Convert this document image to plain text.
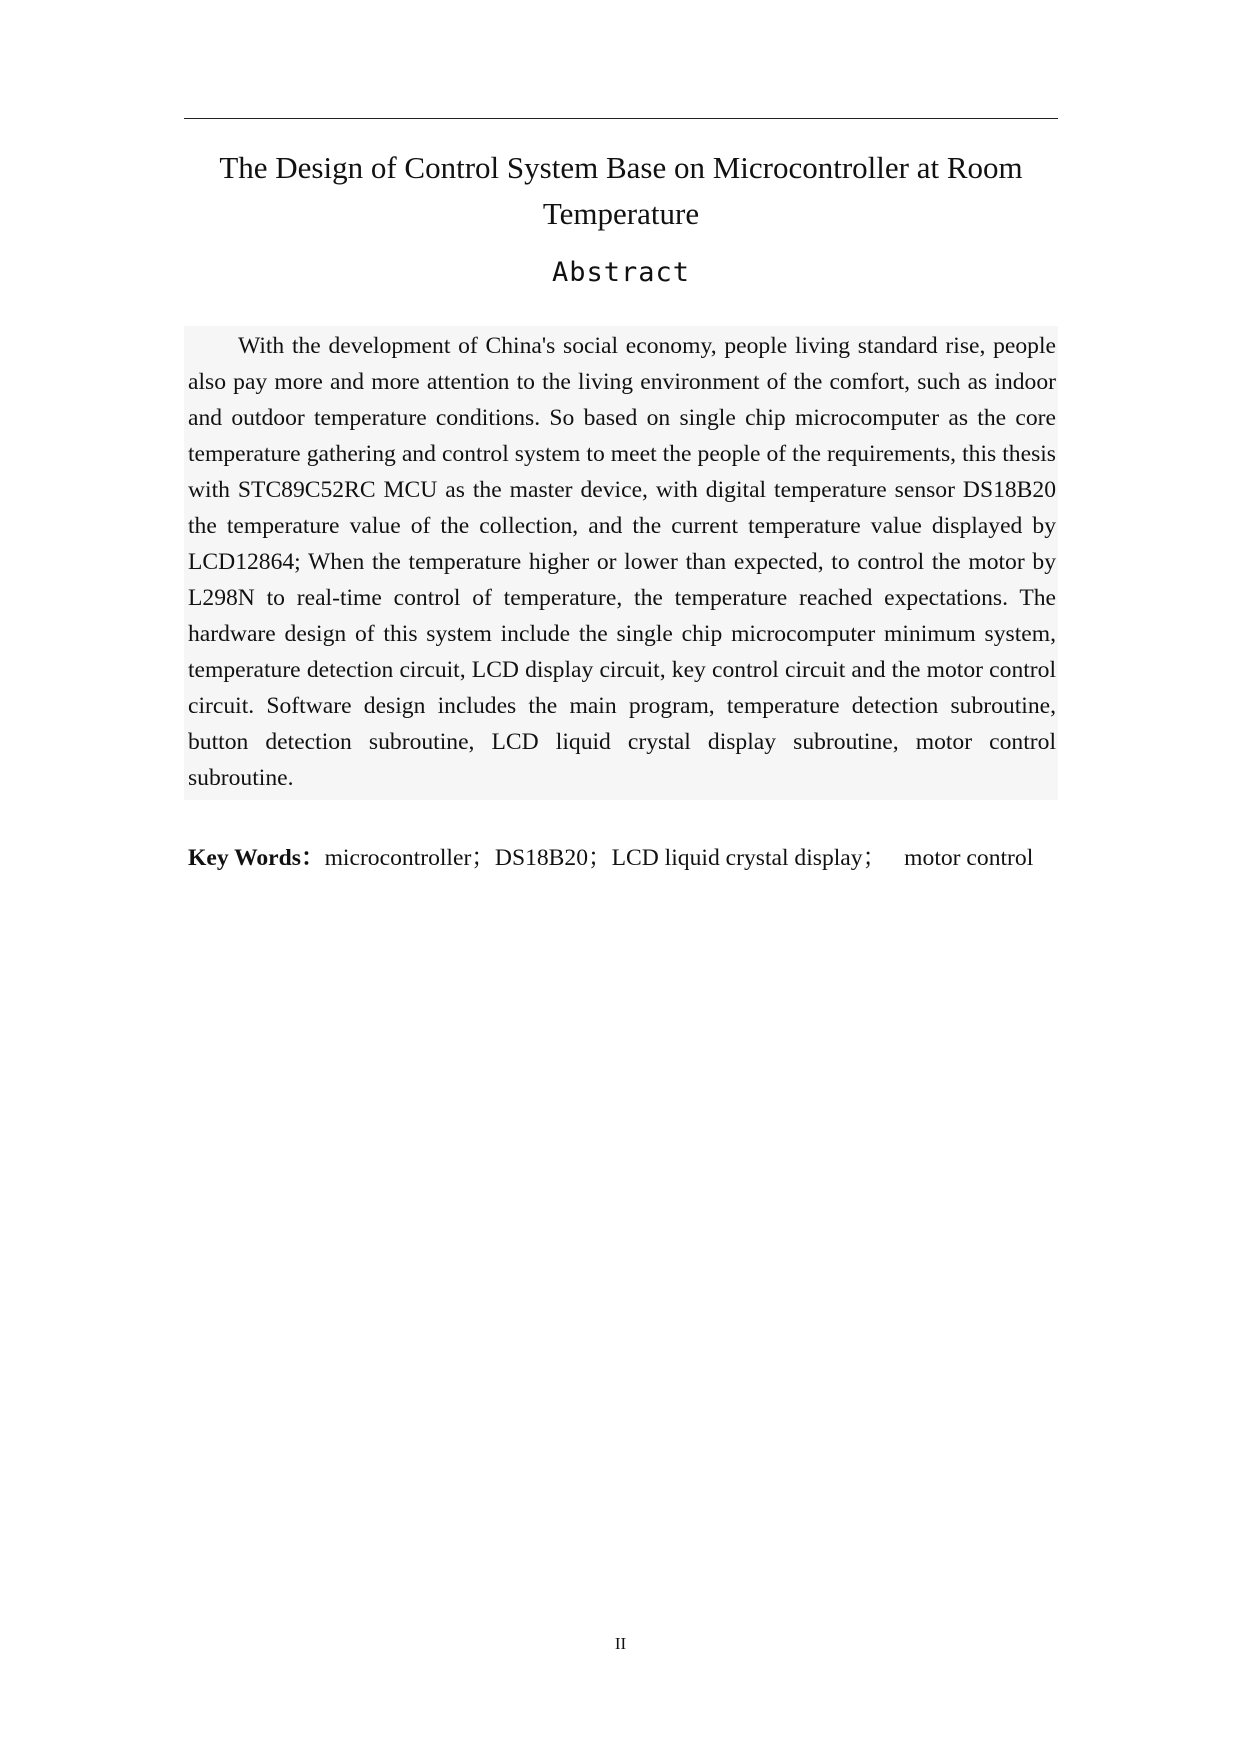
The Design of Control System Base on Microcontroller at Room Temperature
Abstract

With the development of China's social economy, people living standard rise, people also pay more and more attention to the living environment of the comfort, such as indoor and outdoor temperature conditions. So based on single chip microcomputer as the core temperature gathering and control system to meet the people of the requirements, this thesis with STC89C52RC MCU as the master device, with digital temperature sensor DS18B20 the temperature value of the collection, and the current temperature value displayed by LCD12864; When the temperature higher or lower than expected, to control the motor by L298N to real-time control of temperature, the temperature reached expectations. The hardware design of this system include the single chip microcomputer minimum system, temperature detection circuit, LCD display circuit, key control circuit and the motor control circuit. Software design includes the main program, temperature detection subroutine, button detection subroutine, LCD liquid crystal display subroutine, motor control subroutine.

Key Words：microcontroller；DS18B20；LCD liquid crystal display； motor control

II
